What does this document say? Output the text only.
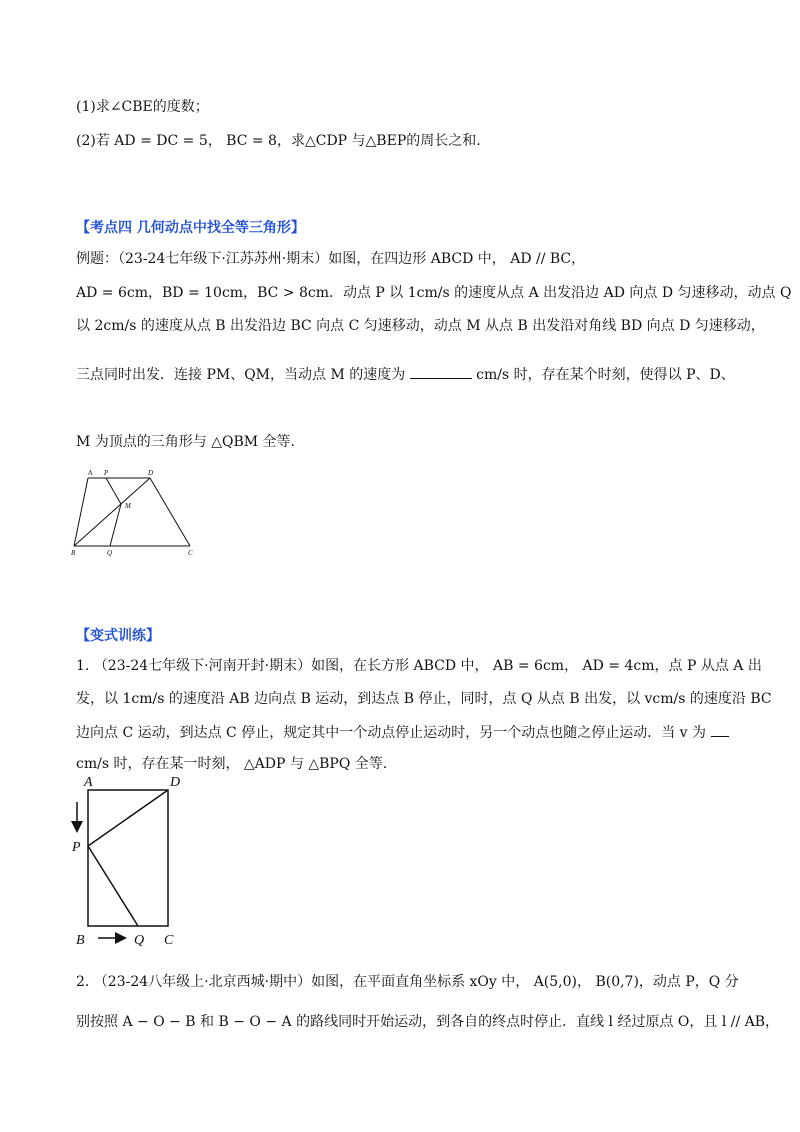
(1)求∠CBE的度数；
(2)若 AD = DC = 5， BC = 8，求△CDP 与△BEP的周长之和.
【考点四 几何动点中找全等三角形】
例题：（23-24七年级下·江苏苏州·期末）如图，在四边形 ABCD 中， AD // BC，
AD = 6cm，BD = 10cm，BC > 8cm．动点 P 以 1cm/s 的速度从点 A 出发沿边 AD 向点 D 匀速移动，动点 Q
以 2cm/s 的速度从点 B 出发沿边 BC 向点 C 匀速移动，动点 M 从点 B 出发沿对角线 BD 向点 D 匀速移动，
三点同时出发．连接 PM、QM，当动点 M 的速度为	cm/s 时，存在某个时刻，使得以 P、D、
M 为顶点的三角形与 △QBM 全等.
A P	D
M
B	Q	C
【变式训练】
1. （23-24七年级下·河南开封·期末）如图，在长方形 ABCD 中， AB = 6cm， AD = 4cm，点 P 从点 A 出
发，以 1cm/s 的速度沿 AB 边向点 B 运动，到达点 B 停止，同时，点 Q 从点 B 出发，以 vcm/s 的速度沿 BC
边向点 C 运动，到达点 C 停止，规定其中一个动点停止运动时，另一个动点也随之停止运动．当 v 为
cm/s 时，存在某一时刻， △ADP 与 △BPQ 全等.
A	D
P
B	Q C
2. （23-24八年级上·北京西城·期中）如图，在平面直角坐标系 xOy 中， A(5,0)， B(0,7)，动点 P，Q 分
别按照 A − O − B 和 B − O − A 的路线同时开始运动，到各自的终点时停止．直线 l 经过原点 O，且 l // AB，
